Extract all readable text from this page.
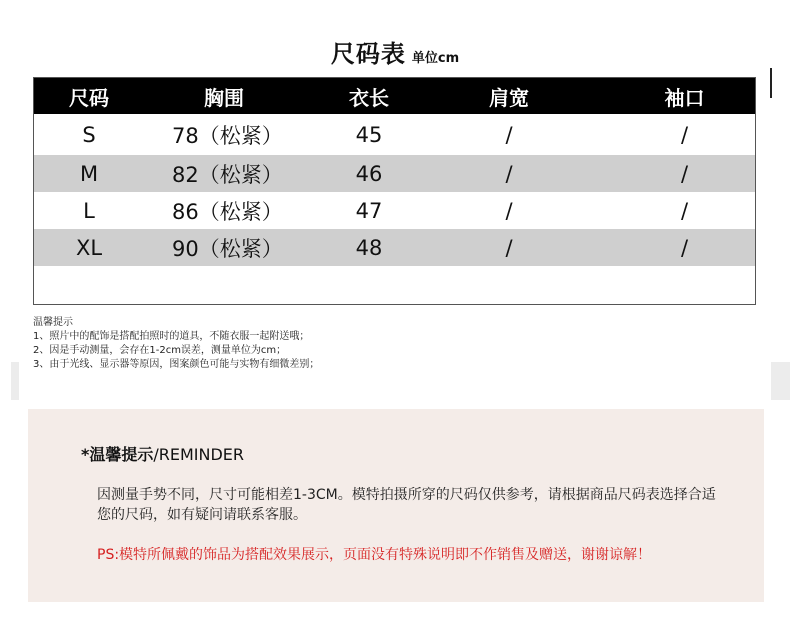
尺码表 单位cm
尺码	胸围	衣长	肩宽	袖口
S	78（松紧）	45	/	/
M	82（松紧）	46	/	/
L	86（松紧）	47	/	/
XL	90（松紧）	48	/	/
温馨提示
1、照片中的配饰是搭配拍照时的道具，不随衣服一起附送哦；
2、因是手动测量，会存在1-2cm误差，测量单位为cm；
3、由于光线、显示器等原因，图案颜色可能与实物有细微差别；
*温馨提示/REMINDER
因测量手势不同，尺寸可能相差1-3CM。模特拍摄所穿的尺码仅供参考，请根据商品尺码表选择合适您的尺码，如有疑问请联系客服。
PS:模特所佩戴的饰品为搭配效果展示，页面没有特殊说明即不作销售及赠送，谢谢谅解！
